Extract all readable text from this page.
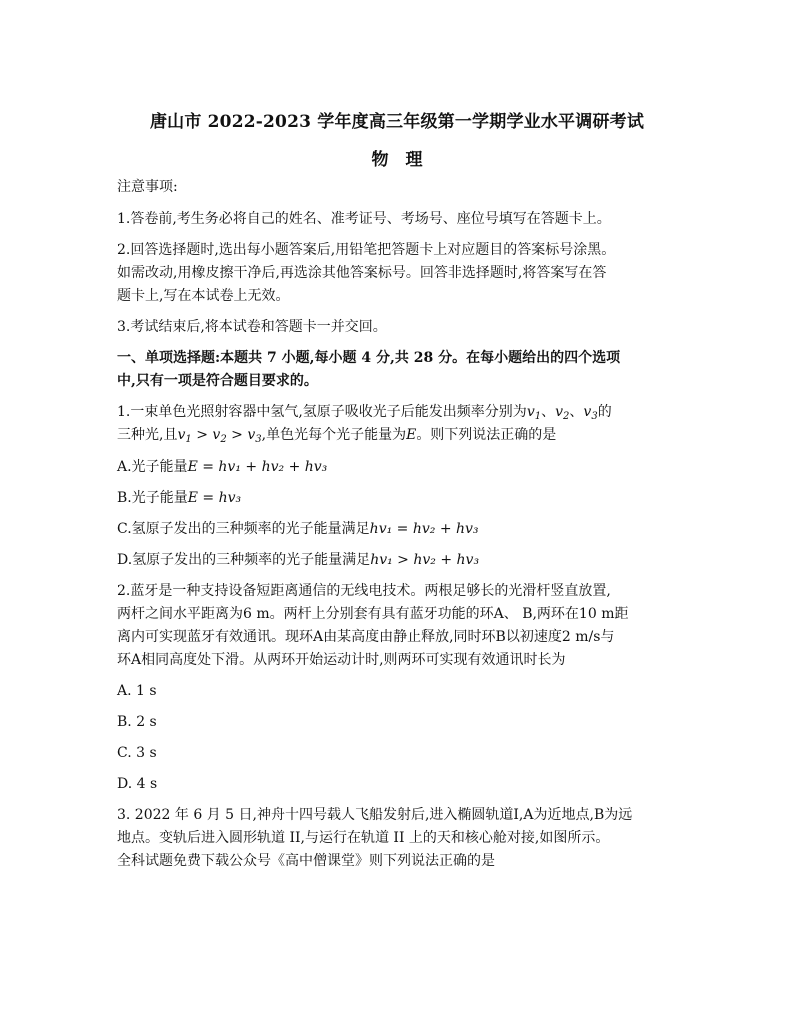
唐山市 2022-2023 学年度高三年级第一学期学业水平调研考试
物　理
注意事项:
1.答卷前,考生务必将自己的姓名、准考证号、考场号、座位号填写在答题卡上。
2.回答选择题时,选出每小题答案后,用铅笔把答题卡上对应题目的答案标号涂黑。
如需改动,用橡皮擦干净后,再选涂其他答案标号。回答非选择题时,将答案写在答
题卡上,写在本试卷上无效。
3.考试结束后,将本试卷和答题卡一并交回。
一、单项选择题:本题共 7 小题,每小题 4 分,共 28 分。在每小题给出的四个选项
中,只有一项是符合题目要求的。
1.一束单色光照射容器中氢气,氢原子吸收光子后能发出频率分别为$v_1$、$v_2$、$v_3$的
三种光,且$v_1 > v_2 > v_3$,单色光每个光子能量为E。则下列说法正确的是
A.光子能量E = hv₁ + hv₂ + hv₃
B.光子能量E = hv₃
C.氢原子发出的三种频率的光子能量满足hv₁ = hv₂ + hv₃
D.氢原子发出的三种频率的光子能量满足hv₁ > hv₂ + hv₃
2.蓝牙是一种支持设备短距离通信的无线电技术。两根足够长的光滑杆竖直放置,
两杆之间水平距离为6 m。两杆上分别套有具有蓝牙功能的环A、 B,两环在10 m距
离内可实现蓝牙有效通讯。现环A由某高度由静止释放,同时环B以初速度2 m/s与
环A相同高度处下滑。从两环开始运动计时,则两环可实现有效通讯时长为
A. 1 s
B. 2 s
C. 3 s
D. 4 s
3. 2022 年 6 月 5 日,神舟十四号载人飞船发射后,进入椭圆轨道I,A为近地点,B为远
地点。变轨后进入圆形轨道 II,与运行在轨道 II 上的天和核心舱对接,如图所示。
全科试题免费下载公众号《高中僧课堂》则下列说法正确的是
